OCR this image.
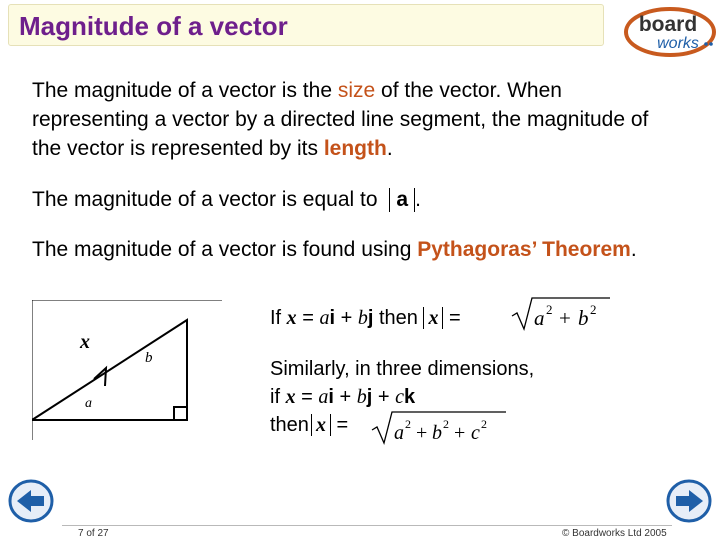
Magnitude of a vector	board
works

The magnitude of a vector is the size of the vector. When representing a vector by a directed line segment, the magnitude of the vector is represented by its length.

The magnitude of a vector is equal to a .

The magnitude of a vector is found using Pythagoras’ Theorem.

x
b
a
If x = ai + bj then x =	a 2 + b 2
Similarly, in three dimensions,
if x = ai + bj + ck
then x =	a 2 + b 2 + c 2
7 of 27	© Boardworks Ltd 2005
